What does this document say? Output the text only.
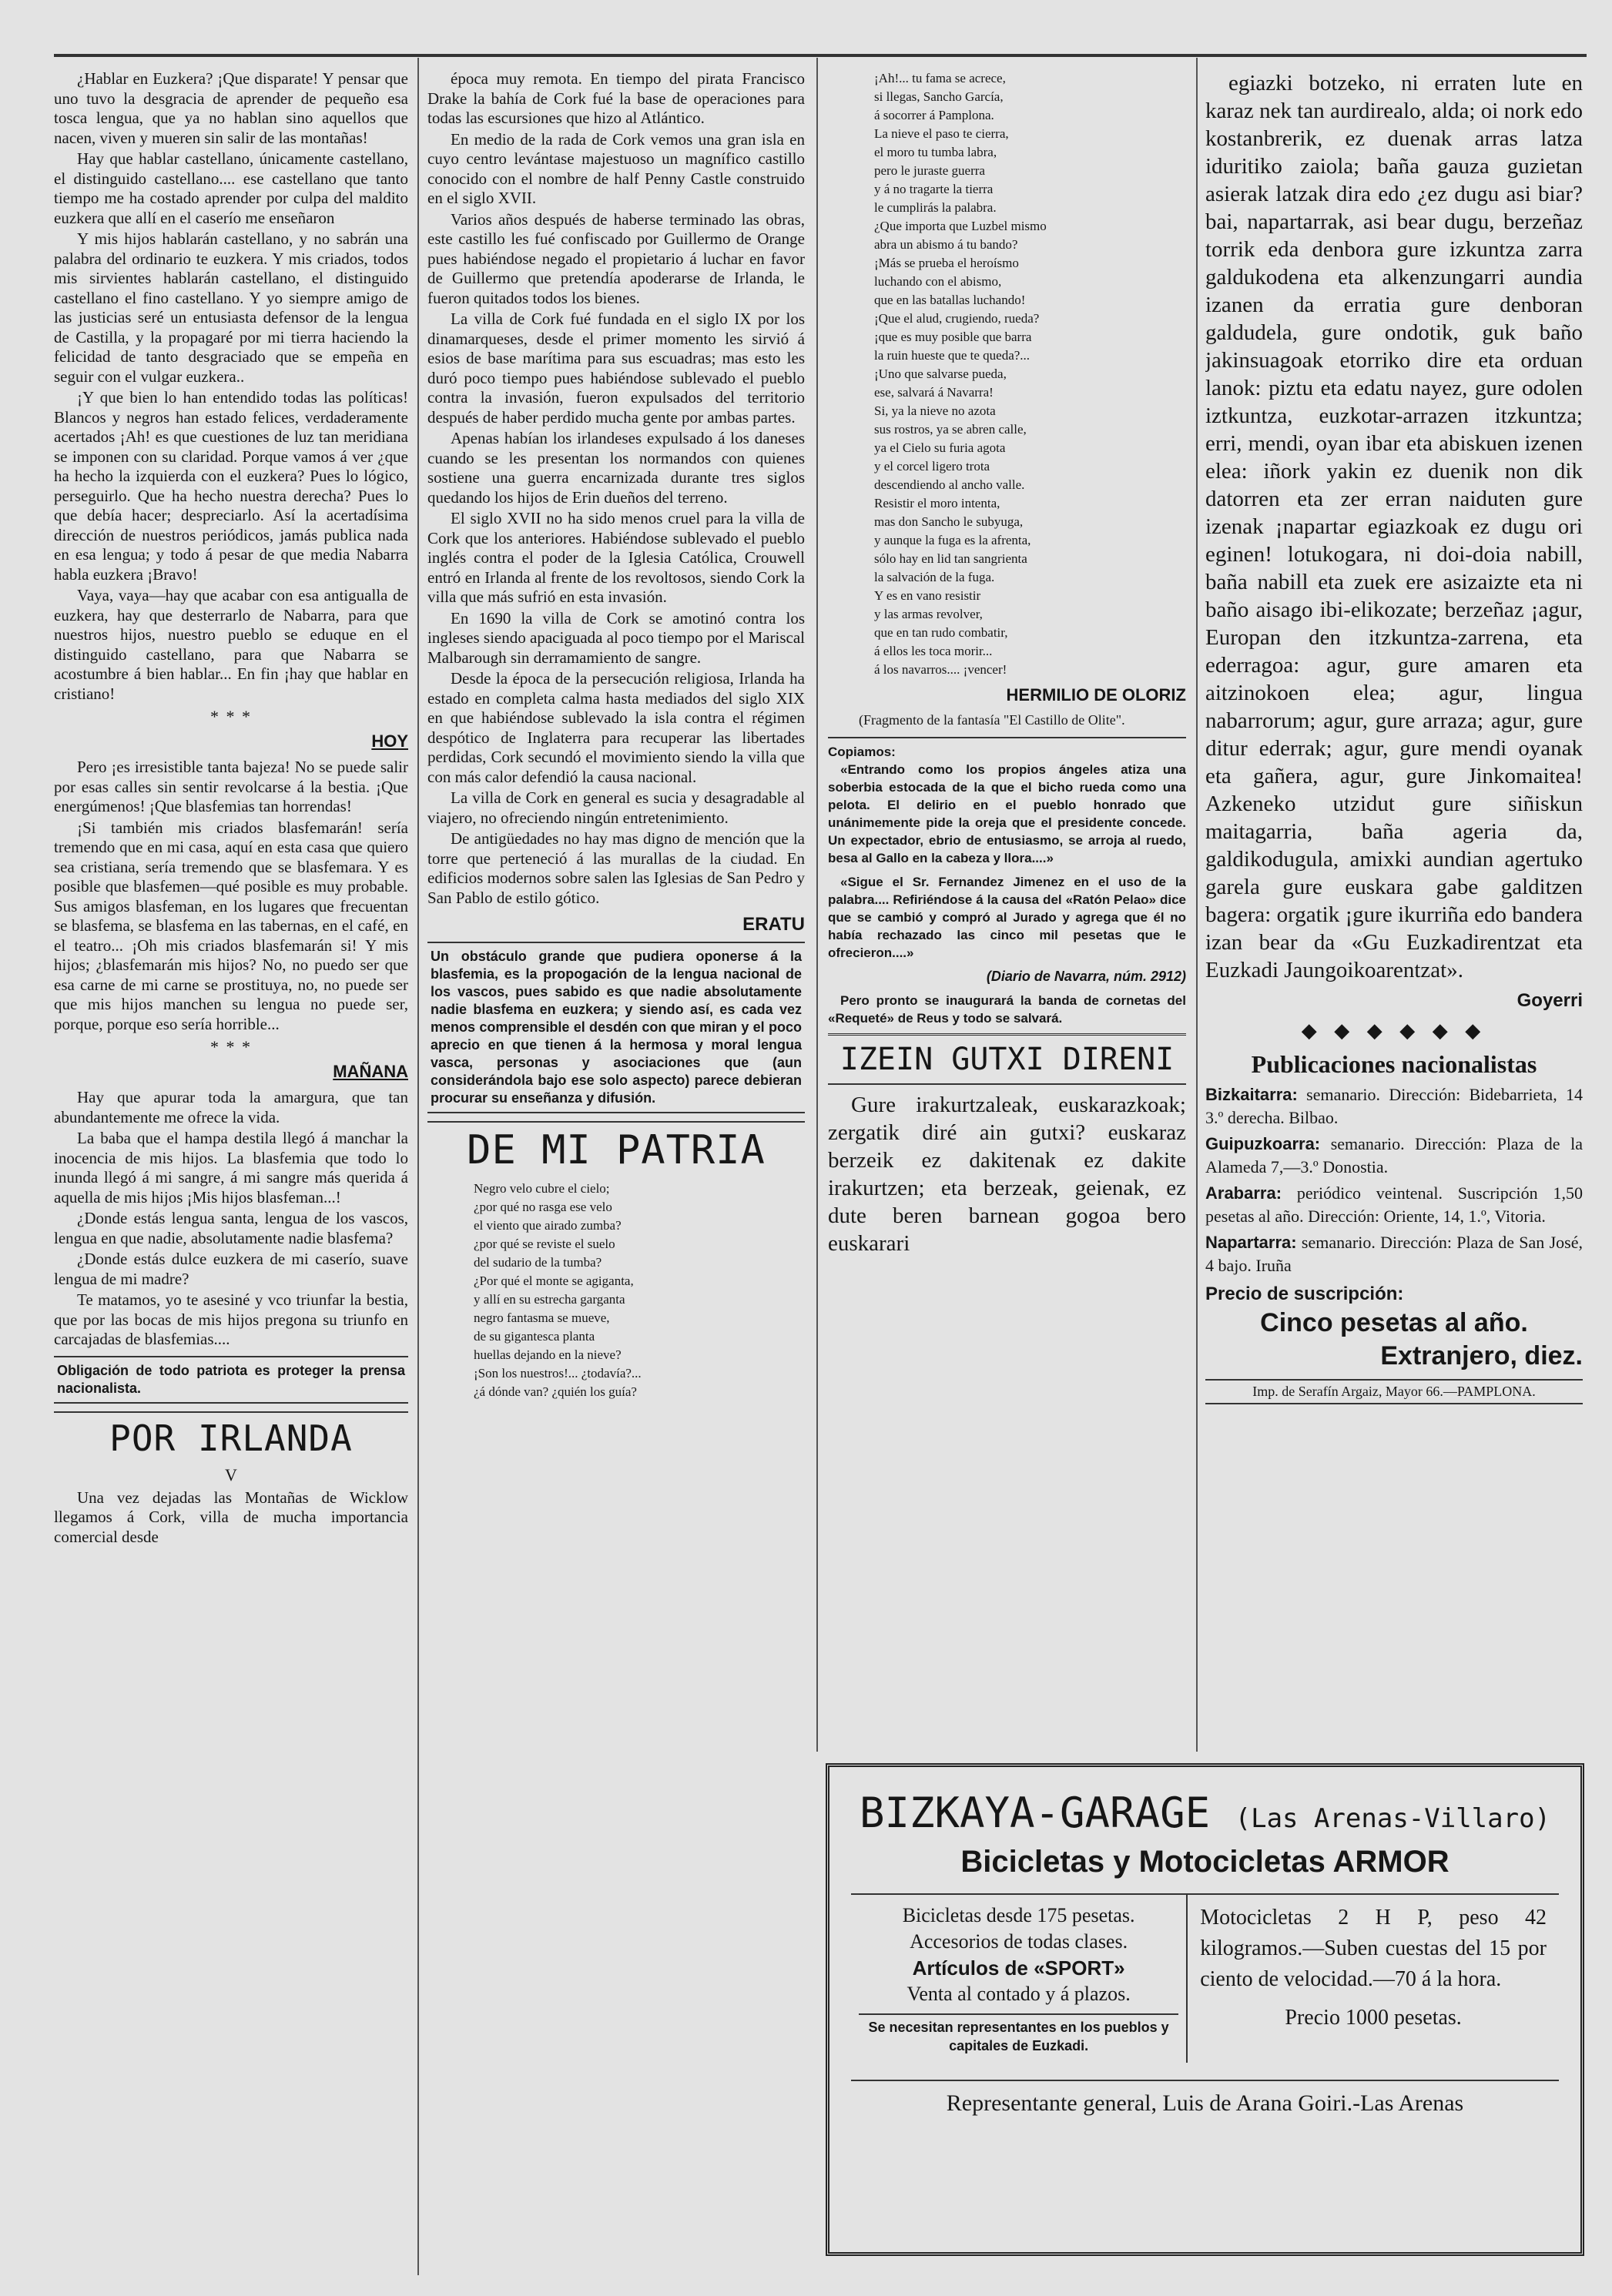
¿Hablar en Euzkera? ¡Que disparate! Y pensar que uno tuvo la desgracia de aprender de pequeño esa tosca lengua, que ya no hablan sino aquellos que nacen, viven y mueren sin salir de las montañas!

Hay que hablar castellano, únicamente castellano, el distinguido castellano.... ese castellano que tanto tiempo me ha costado aprender por culpa del maldito euzkera que allí en el caserío me enseñaron

Y mis hijos hablarán castellano, y no sabrán una palabra del ordinario te euzkera. Y mis criados, todos mis sirvientes hablarán castellano, el distinguido castellano el fino castellano. Y yo siempre amigo de las justicias seré un entusiasta defensor de la lengua de Castilla, y la propagaré por mi tierra haciendo la felicidad de tanto desgraciado que se empeña en seguir con el vulgar euzkera..

¡Y que bien lo han entendido todas las políticas! Blancos y negros han estado felices, verdaderamente acertados ¡Ah! es que cuestiones de luz tan meridiana se imponen con su claridad. Porque vamos á ver ¿que ha hecho la izquierda con el euzkera? Pues lo lógico, perseguirlo. Que ha hecho nuestra derecha? Pues lo que debía hacer; despreciarlo. Así la acertadísima dirección de nuestros periódicos, jamás publica nada en esa lengua; y todo á pesar de que media Nabarra habla euzkera ¡Bravo!

Vaya, vaya—hay que acabar con esa antigualla de euzkera, hay que desterrarlo de Nabarra, para que nuestros hijos, nuestro pueblo se eduque en el distinguido castellano, para que Nabarra se acostumbre á bien hablar... En fin ¡hay que hablar en cristiano!

* * *
HOY

Pero ¡es irresistible tanta bajeza! No se puede salir por esas calles sin sentir revolcarse á la bestia. ¡Que energúmenos! ¡Que blasfemias tan horrendas!

¡Si también mis criados blasfemarán! sería tremendo que en mi casa, aquí en esta casa que quiero sea cristiana, sería tremendo que se blasfemara. Y es posible que blasfemen—qué posible es muy probable. Sus amigos blasfeman, en los lugares que frecuentan se blasfema, se blasfema en las tabernas, en el café, en el teatro... ¡Oh mis criados blasfemarán si! Y mis hijos; ¿blasfemarán mis hijos? No, no puedo ser que esa carne de mi carne se prostituya, no, no puede ser que mis hijos manchen su lengua no puede ser, porque, porque eso sería horrible...

* * *
MAÑANA

Hay que apurar toda la amargura, que tan abundantemente me ofrece la vida.

La baba que el hampa destila llegó á manchar la inocencia de mis hijos. La blasfemia que todo lo inunda llegó á mi sangre, á mi sangre más querida á aquella de mis hijos ¡Mis hijos blasfeman...!

¿Donde estás lengua santa, lengua de los vascos, lengua en que nadie, absolutamente nadie blasfema?

¿Donde estás dulce euzkera de mi caserío, suave lengua de mi madre?

Te matamos, yo te asesiné y vco triunfar la bestia, que por las bocas de mis hijos pregona su triunfo en carcajadas de blasfemias....

Obligación de todo patriota es proteger la prensa nacionalista.
POR IRLANDA
V

Una vez dejadas las Montañas de Wicklow llegamos á Cork, villa de mucha importancia comercial desde

época muy remota. En tiempo del pirata Francisco Drake la bahía de Cork fué la base de operaciones para todas las escursiones que hizo al Atlántico.

En medio de la rada de Cork vemos una gran isla en cuyo centro levántase majestuoso un magnífico castillo conocido con el nombre de half Penny Castle construido en el siglo XVII.

Varios años después de haberse terminado las obras, este castillo les fué confiscado por Guillermo de Orange pues habiéndose negado el propietario á luchar en favor de Guillermo que pretendía apoderarse de Irlanda, le fueron quitados todos los bienes.

La villa de Cork fué fundada en el siglo IX por los dinamarqueses, desde el primer momento les sirvió á esios de base marítima para sus escuadras; mas esto les duró poco tiempo pues habiéndose sublevado el pueblo contra la invasión, fueron expulsados del territorio después de haber perdido mucha gente por ambas partes.

Apenas habían los irlandeses expulsado á los daneses cuando se les presentan los normandos con quienes sostiene una guerra encarnizada durante tres siglos quedando los hijos de Erin dueños del terreno.

El siglo XVII no ha sido menos cruel para la villa de Cork que los anteriores. Habiéndose sublevado el pueblo inglés contra el poder de la Iglesia Católica, Crouwell entró en Irlanda al frente de los revoltosos, siendo Cork la villa que más sufrió en esta invasión.

En 1690 la villa de Cork se amotinó contra los ingleses siendo apaciguada al poco tiempo por el Mariscal Malbarough sin derramamiento de sangre.

Desde la época de la persecución religiosa, Irlanda ha estado en completa calma hasta mediados del siglo XIX en que habiéndose sublevado la isla contra el régimen despótico de Inglaterra para recuperar las libertades perdidas, Cork secundó el movimiento siendo la villa que con más calor defendió la causa nacional.

La villa de Cork en general es sucia y desagradable al viajero, no ofreciendo ningún entretenimiento.

De antigüedades no hay mas digno de mención que la torre que perteneció á las murallas de la ciudad. En edificios modernos sobre salen las Iglesias de San Pedro y San Pablo de estilo gótico.

ERATU
Un obstáculo grande que pudiera oponerse á la blasfemia, es la propogación de la lengua nacional de los vascos, pues sabido es que nadie absolutamente nadie blasfema en euzkera; y siendo así, es cada vez menos comprensible el desdén con que miran y el poco aprecio en que tienen á la hermosa y moral lengua vasca, personas y asociaciones que (aun considerándola bajo ese solo aspecto) parece debieran procurar su enseñanza y difusión.
DE MI PATRIA
Negro velo cubre el cielo;
¿por qué no rasga ese velo
el viento que airado zumba?
¿por qué se reviste el suelo
del sudario de la tumba?
¿Por qué el monte se agiganta,
y allí en su estrecha garganta
negro fantasma se mueve,
de su gigantesca planta
huellas dejando en la nieve?
¡Son los nuestros!... ¿todavía?...
¿á dónde van? ¿quién los guía?
¡Ah!... tu fama se acrece,
si llegas, Sancho García,
á socorrer á Pamplona.
La nieve el paso te cierra,
el moro tu tumba labra,
pero le juraste guerra
y á no tragarte la tierra
le cumplirás la palabra.
¿Que importa que Luzbel mismo
abra un abismo á tu bando?
¡Más se prueba el heroísmo
luchando con el abismo,
que en las batallas luchando!
¡Que el alud, crugiendo, rueda?
¡que es muy posible que barra
la ruin hueste que te queda?...
¡Uno que salvarse pueda,
ese, salvará á Navarra!
Si, ya la nieve no azota
sus rostros, ya se abren calle,
ya el Cielo su furia agota
y el corcel ligero trota
descendiendo al ancho valle.
Resistir el moro intenta,
mas don Sancho le subyuga,
y aunque la fuga es la afrenta,
sólo hay en lid tan sangrienta
la salvación de la fuga.
Y es en vano resistir
y las armas revolver,
que en tan rudo combatir,
á ellos les toca morir...
á los navarros.... ¡vencer!
HERMILIO DE OLORIZ
(Fragmento de la fantasía "El Castillo de Olite".
Copiamos:

«Entrando como los propios ángeles atiza una soberbia estocada de la que el bicho rueda como una pelota. El delirio en el pueblo honrado que unánimemente pide la oreja que el presidente concede. Un expectador, ebrio de entusiasmo, se arroja al ruedo, besa al Gallo en la cabeza y llora....»

«Sigue el Sr. Fernandez Jimenez en el uso de la palabra.... Refiriéndose á la causa del «Ratón Pelao» dice que se cambió y compró al Jurado y agrega que él no había rechazado las cinco mil pesetas que le ofrecieron....»

(Diario de Navarra, núm. 2912)

Pero pronto se inaugurará la banda de cornetas del «Requeté» de Reus y todo se salvará.

IZEIN GUTXI DIRENI

Gure irakurtzaleak, euskarazkoak; zergatik diré ain gutxi? euskaraz berzeik ez dakitenak ez dakite irakurtzen; eta berzeak, geienak, ez dute beren barnean gogoa bero euskarari

egiazki botzeko, ni erraten lute en karaz nek tan aurdirealo, alda; oi nork edo kostanbrerik, ez duenak arras latza iduritiko zaiola; baña gauza guzietan asierak latzak dira edo ¿ez dugu asi biar? bai, napartarrak, asi bear dugu, berzeñaz torrik eda denbora gure izkuntza zarra galdukodena eta alkenzungarri aundia izanen da erratia gure denboran galdudela, gure ondotik, guk baño jakinsuagoak etorriko dire eta orduan lanok: piztu eta edatu nayez, gure odolen iztkuntza, euzkotar-arrazen itzkuntza; erri, mendi, oyan ibar eta abiskuen izenen elea: iñork yakin ez duenik non dik datorren eta zer erran naiduten gure izenak ¡napartar egiazkoak ez dugu ori eginen! lotukogara, ni doi-doia nabill, baña nabill eta zuek ere asizaizte eta ni baño aisago ibi-elikozate; berzeñaz ¡agur, Europan den itzkuntza-zarrena, eta ederragoa: agur, gure amaren eta aitzinokoen elea; agur, lingua nabarrorum; agur, gure arraza; agur, gure ditur ederrak; agur, gure mendi oyanak eta gañera, agur, gure Jinkomaitea! Azkeneko utzidut gure siñiskun maitagarria, baña ageria da, galdikodugula, amixki aundian agertuko garela gure euskara gabe galditzen bagera: orgatik ¡gure ikurriña edo bandera izan bear da «Gu Euzkadirentzat eta Euzkadi Jaungoikoarentzat».

Goyerri
◆ ◆ ◆ ◆ ◆ ◆
Publicaciones nacionalistas
Bizkaitarra: semanario. Dirección: Bidebarrieta, 14 3.º derecha. Bilbao.
Guipuzkoarra: semanario. Dirección: Plaza de la Alameda 7,—3.º Donostia.
Arabarra: periódico veintenal. Suscripción 1,50 pesetas al año. Dirección: Oriente, 14, 1.º, Vitoria.
Napartarra: semanario. Dirección: Plaza de San José, 4 bajo. Iruña
Precio de suscripción:
Cinco pesetas al año.
Extranjero, diez.
Imp. de Serafín Argaiz, Mayor 66.—PAMPLONA.
BIZKAYA-GARAGE (Las Arenas-Villaro)
Bicicletas y Motocicletas ARMOR
Bicicletas desde 175 pesetas.
Accesorios de todas clases.
Artículos de «SPORT»
Venta al contado y á plazos.
Se necesitan representantes en los pueblos y capitales de Euzkadi.
Motocicletas 2 H P, peso 42 kilogramos.—Suben cuestas del 15 por ciento de velocidad.—70 á la hora.
Precio 1000 pesetas.
Representante general, Luis de Arana Goiri.-Las Arenas
